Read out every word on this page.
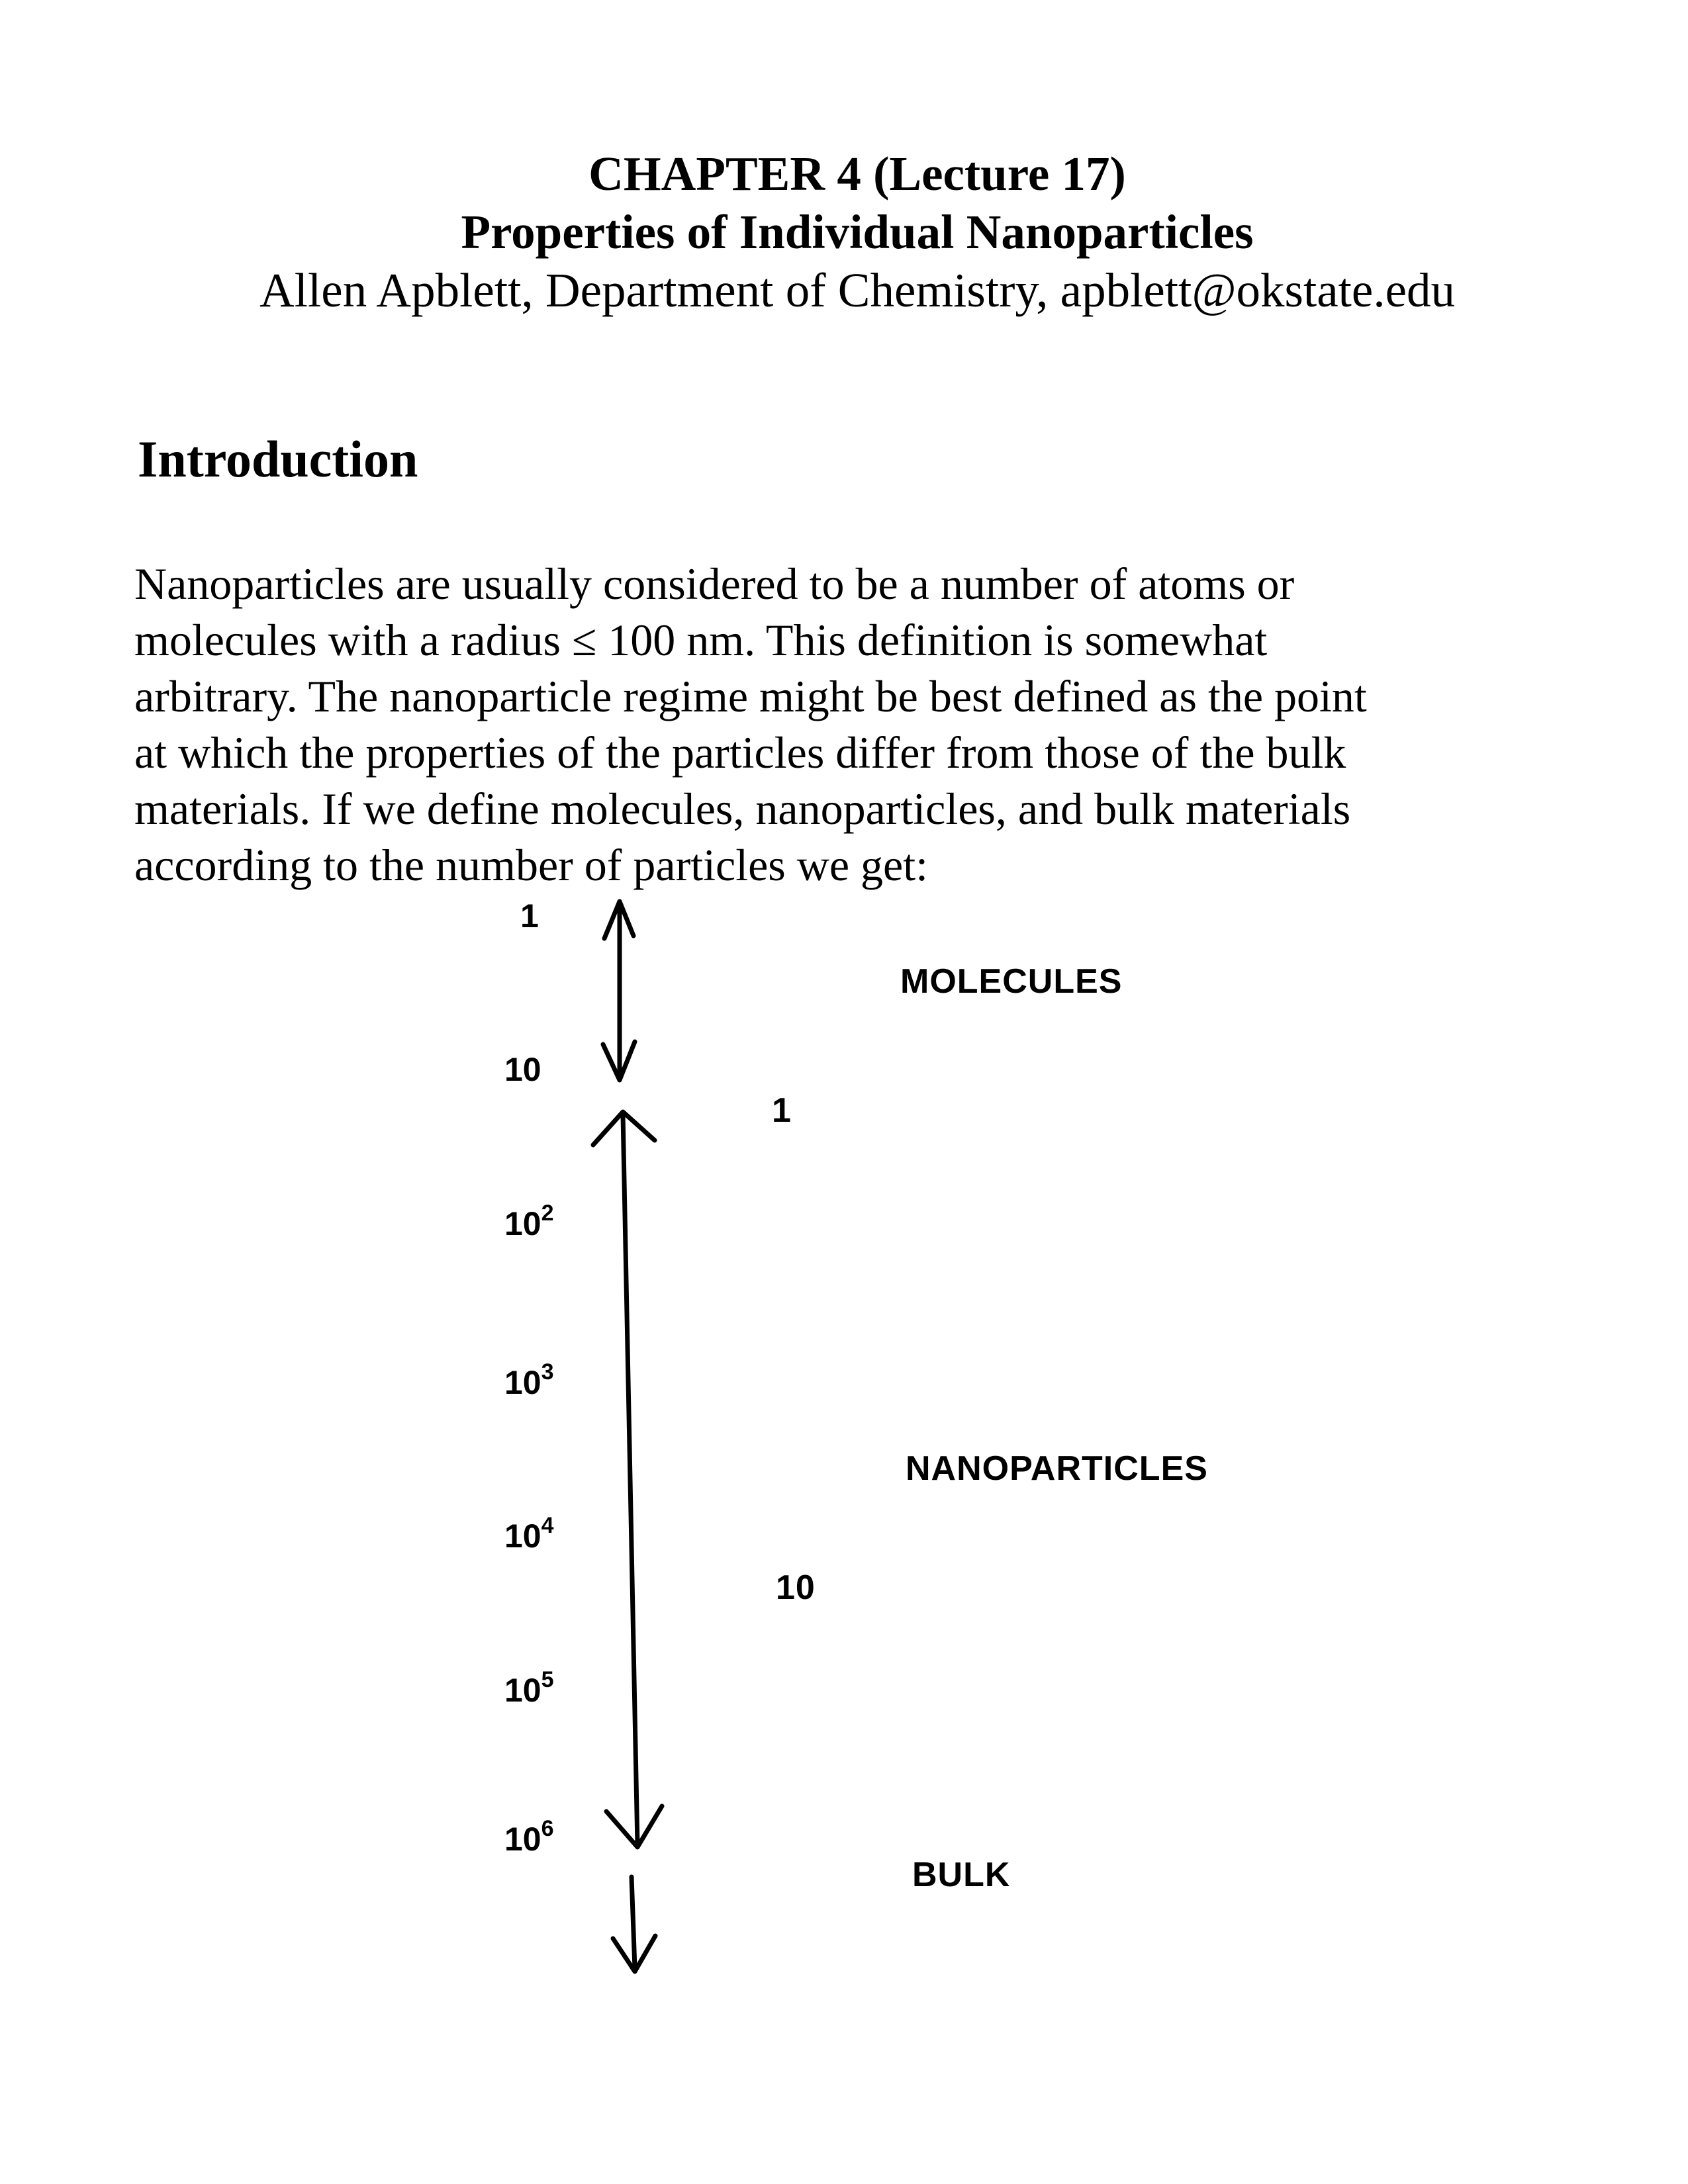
CHAPTER 4 (Lecture 17)
Properties of Individual Nanoparticles
Allen Apblett, Department of Chemistry, apblett@okstate.edu
Introduction
Nanoparticles are usually considered to be a number of atoms or
molecules with a radius ≤ 100 nm. This definition is somewhat
arbitrary. The nanoparticle regime might be best defined as the point
at which the properties of the particles differ from those of the bulk
materials. If we define molecules, nanoparticles, and bulk materials
according to the number of particles we get:
1
10
$10^2$
$10^3$
$10^4$
$10^5$
$10^6$
MOLECULES
1
NANOPARTICLES
10
BULK
